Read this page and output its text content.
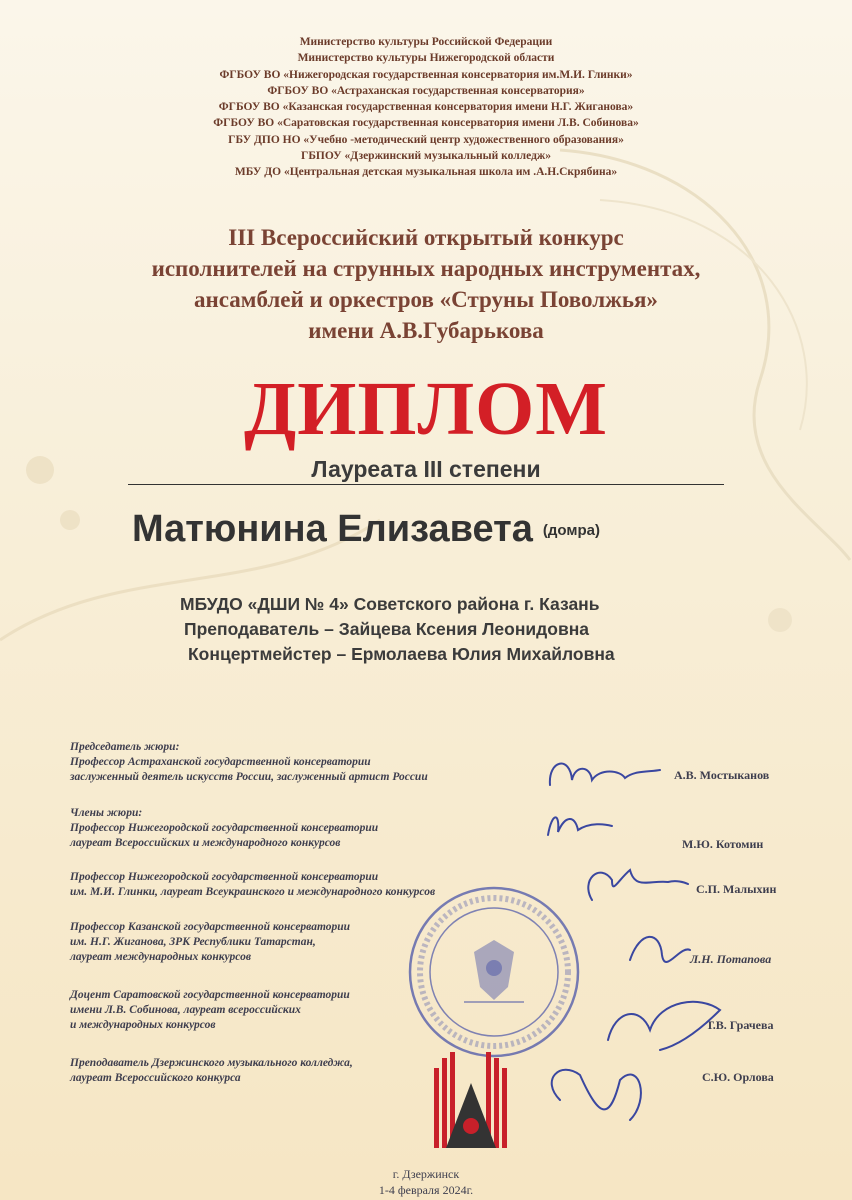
Министерство культуры Российской Федерации
Министерство культуры Нижегородской области
ФГБОУ ВО «Нижегородская государственная консерватория им.М.И. Глинки»
ФГБОУ ВО «Астраханская государственная консерватория»
ФГБОУ ВО «Казанская государственная консерватория имени Н.Г. Жиганова»
ФГБОУ ВО «Саратовская государственная консерватория имени Л.В. Собинова»
ГБУ ДПО НО «Учебно -методический центр художественного образования»
ГБПОУ «Дзержинский музыкальный колледж»
МБУ ДО «Центральная детская музыкальная школа им .А.Н.Скрябина»
III Всероссийский открытый конкурс
исполнителей на струнных народных инструментах,
ансамблей и оркестров «Струны Поволжья»
имени А.В.Губарькова
ДИПЛОМ
Лауреата III степени
Матюнина Елизавета (домра)
МБУДО «ДШИ № 4» Советского района г. Казань
Преподаватель – Зайцева Ксения Леонидовна
Концертмейстер – Ермолаева Юлия Михайловна
Председатель жюри:
Профессор Астраханской государственной консерватории
заслуженный деятель искусств России, заслуженный артист России	А.В. Мостыканов
Члены жюри:
Профессор Нижегородской государственной консерватории
лауреат Всероссийских и международного конкурсов	М.Ю. Котомин
Профессор Нижегородской государственной консерватории
им. М.И. Глинки, лауреат Всеукраинского и международного конкурсов	С.П. Малыхин
Профессор Казанской государственной консерватории
им. Н.Г. Жиганова, ЗРК Республики Татарстан,
лауреат международных конкурсов	Л.Н. Потапова
Доцент Саратовской государственной консерватории
имени Л.В. Собинова, лауреат всероссийских
и международных конкурсов	Т.В. Грачева
Преподаватель Дзержинского музыкального колледжа,
лауреат Всероссийского конкурса	С.Ю. Орлова
г. Дзержинск
1-4 февраля 2024г.
